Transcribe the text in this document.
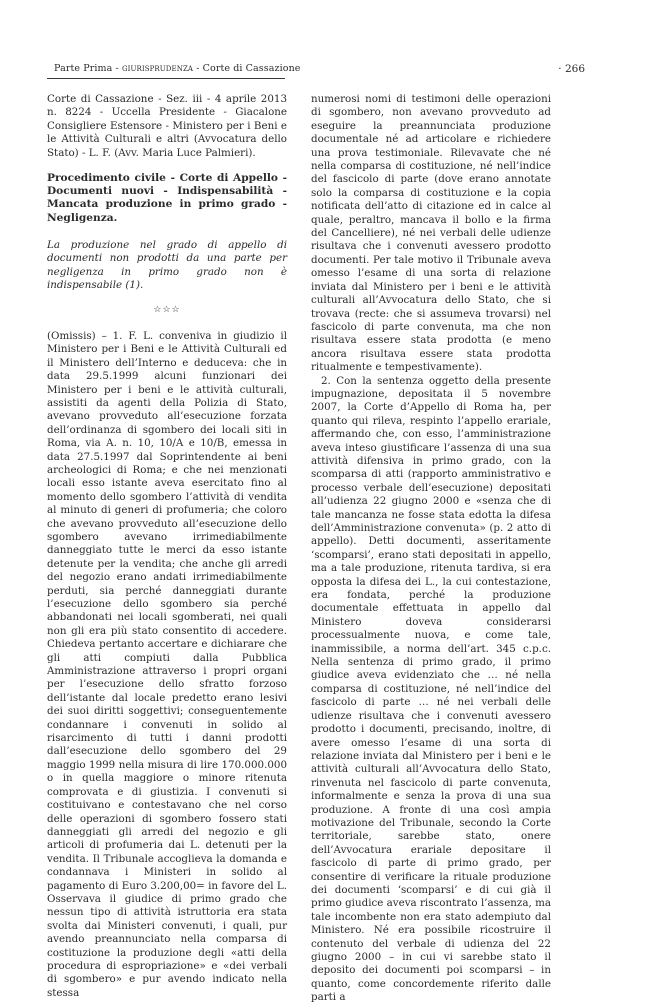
Parte Prima - giurisprudenza - Corte di Cassazione	· 266

Corte di Cassazione - Sez. iii - 4 aprile 2013 n. 8224 - Uccella Presidente - Giacalone Consigliere Estensore - Ministero per i Beni e le Attività Culturali e altri (Avvocatura dello Stato) - L. F. (Avv. Maria Luce Palmieri).

Procedimento civile - Corte di Appello - Documenti nuovi - Indispensabilità - Mancata produzione in primo grado - Negligenza.

La produzione nel grado di appello di documenti non prodotti da una parte per negligenza in primo grado non è indispensabile (1).

☆☆☆

(Omissis) – 1. F. L. conveniva in giudizio il Ministero per i Beni e le Attività Culturali ed il Ministero dell’Interno e deduceva: che in data 29.5.1999 alcuni funzionari dei Ministero per i beni e le attività culturali, assistiti da agenti della Polizia di Stato, avevano provveduto all’esecuzione forzata dell’ordinanza di sgombero dei locali siti in Roma, via A. n. 10, 10/A e 10/B, emessa in data 27.5.1997 dal Soprintendente ai beni archeologici di Roma; e che nei menzionati locali esso istante aveva esercitato fino al momento dello sgombero l’attività di vendita al minuto di generi di profumeria; che coloro che avevano provveduto all’esecuzione dello sgombero avevano irrimediabilmente danneggiato tutte le merci da esso istante detenute per la vendita; che anche gli arredi del negozio erano andati irrimediabilmente perduti, sia perché danneggiati durante l’esecuzione dello sgombero sia perché abbandonati nei locali sgomberati, nei quali non gli era più stato consentito di accedere. Chiedeva pertanto accertare e dichiarare che gli atti compiuti dalla Pubblica Amministrazione attraverso i propri organi per l’esecuzione dello sfratto forzoso dell’istante dal locale predetto erano lesivi dei suoi diritti soggettivi; conseguentemente condannare i convenuti in solido al risarcimento di tutti i danni prodotti dall’esecuzione dello sgombero del 29 maggio 1999 nella misura di lire 170.000.000 o in quella maggiore o minore ritenuta comprovata e di giustizia. I convenuti si costituivano e contestavano che nel corso delle operazioni di sgombero fossero stati danneggiati gli arredi del negozio e gli articoli di profumeria dai L. detenuti per la vendita. Il Tribunale accoglieva la domanda e condannava i Ministeri in solido al pagamento di Euro 3.200,00= in favore del L. Osservava il giudice di primo grado che nessun tipo di attività istruttoria era stata svolta dai Ministeri convenuti, i quali, pur avendo preannunciato nella comparsa di costituzione la produzione degli «atti della procedura di espropriazione» e «dei verbali di sgombero» e pur avendo indicato nella stessa

numerosi nomi di testimoni delle operazioni di sgombero, non avevano provveduto ad eseguire la preannunciata produzione documentale né ad articolare e richiedere una prova testimoniale. Rilevavate che né nella comparsa di costituzione, né nell’indice del fascicolo di parte (dove erano annotate solo la comparsa di costituzione e la copia notificata dell’atto di citazione ed in calce al quale, peraltro, mancava il bollo e la firma del Cancelliere), né nei verbali delle udienze risultava che i convenuti avessero prodotto documenti. Per tale motivo il Tribunale aveva omesso l’esame di una sorta di relazione inviata dal Ministero per i beni e le attività culturali all’Avvocatura dello Stato, che si trovava (recte: che si assumeva trovarsi) nel fascicolo di parte convenuta, ma che non risultava essere stata prodotta (e meno ancora risultava essere stata prodotta ritualmente e tempestivamente).

2. Con la sentenza oggetto della presente impugnazione, depositata il 5 novembre 2007, la Corte d’Appello di Roma ha, per quanto qui rileva, respinto l’appello erariale, affermando che, con esso, l’amministrazione aveva inteso giustificare l’assenza di una sua attività difensiva in primo grado, con la scomparsa di atti (rapporto amministrativo e processo verbale dell’esecuzione) depositati all’udienza 22 giugno 2000 e «senza che di tale mancanza ne fosse stata edotta la difesa dell’Amministrazione convenuta» (p. 2 atto di appello). Detti documenti, asseritamente ‘scomparsi’, erano stati depositati in appello, ma a tale produzione, ritenuta tardiva, si era opposta la difesa dei L., la cui contestazione, era fondata, perché la produzione documentale effettuata in appello dal Ministero doveva considerarsi processualmente nuova, e come tale, inammissibile, a norma dell’art. 345 c.p.c. Nella sentenza di primo grado, il primo giudice aveva evidenziato che … né nella comparsa di costituzione, né nell’indice del fascicolo di parte … né nei verbali delle udienze risultava che i convenuti avessero prodotto i documenti, precisando, inoltre, di avere omesso l’esame di una sorta di relazione inviata dal Ministero per i beni e le attività culturali all’Avvocatura dello Stato, rinvenuta nel fascicolo di parte convenuta, informalmente e senza la prova di una sua produzione. A fronte di una così ampia motivazione del Tribunale, secondo la Corte territoriale, sarebbe stato, onere dell’Avvocatura erariale depositare il fascicolo di parte di primo grado, per consentire di verificare la rituale produzione dei documenti ‘scomparsi’ e di cui già il primo giudice aveva riscontrato l’assenza, ma tale incombente non era stato adempiuto dal Ministero. Né era possibile ricostruire il contenuto del verbale di udienza del 22 giugno 2000 – in cui vi sarebbe stato il deposito dei documenti poi scomparsi – in quanto, come concordemente riferito dalle parti a
